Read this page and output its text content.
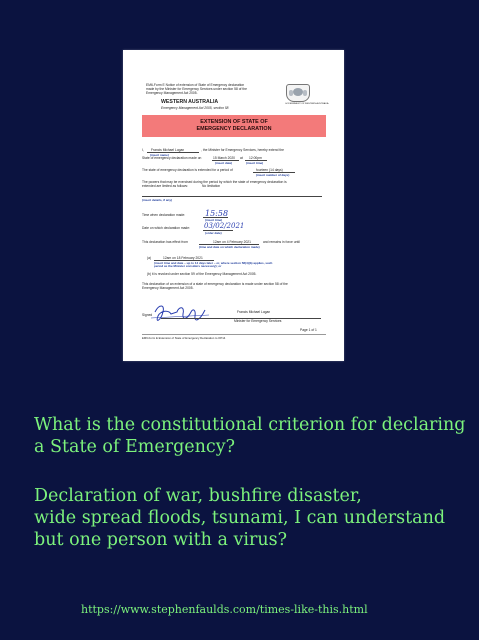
EM6-Form E Notice of extension of State of Emergency declaration
made by the Minister for Emergency Services under section 58 of the
Emergency Management Act 2005.
WESTERN AUSTRALIA
Emergency Management Act 2005, section 58
GOVERNMENT OF WESTERN AUSTRALIA
EXTENSION OF STATE OF
EMERGENCY DECLARATION
I, Francis Michael Logan	, the Minister for Emergency Services, hereby extend the
(insert name)
State of emergency declaration made on	15 March 2020 at 12:00pm
(insert date)	(insert time)
The state of emergency declaration is extended for a period of	fourteen (14 days)
(insert number of days)
The powers that may be exercised during the period by which the state of emergency declaration is
extended are limited as follows:	No limitation
(insert details, if any)
Time when declaration made: 15:58
(insert time)
Date on which declaration made: 03/02/2021
(order date)
This declaration has effect from	12am on 4 February 2021	and remains in force until
(time and date on which declaration made)
(a)	12am on 18 February 2021
(insert time and date – up to 14 days later – or, where section 58(4)(b) applies, such
period as the Minister considers necessary); or
(b) it is revoked under section 59 of the Emergency Management Act 2005.
This declaration of an extension of a state of emergency declaration is made under section 58 of the
Emergency Management Act 2005.
Signed
Francis Michael Logan
Minister for Emergency Services
Page 1 of 1
EM6-Form E Extension of State of Emergency Declaration to OP14
What is the constitutional criterion for declaring
a State of Emergency?
Declaration of war, bushfire disaster,
wide spread floods, tsunami, I can understand
but one person with a virus?
https://www.stephenfaulds.com/times-like-this.html
